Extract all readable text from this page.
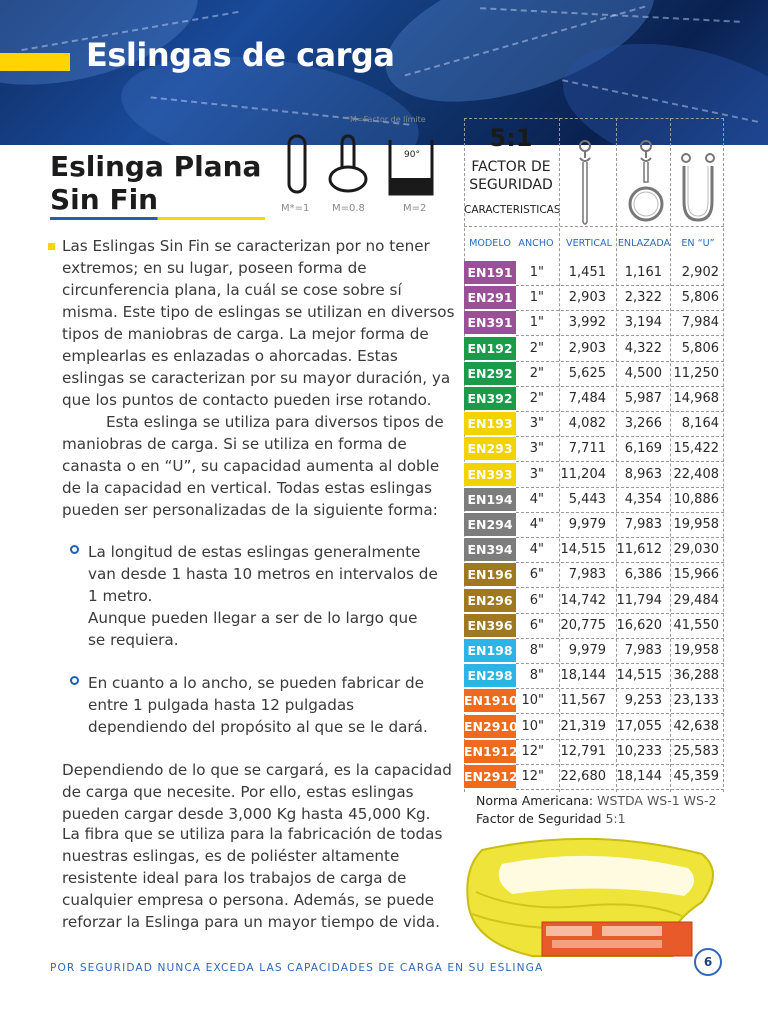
Eslingas de carga
Eslinga Plana
Sin Fin
*M=Factor de límite
90°
M*=1 M=0.8	M=2
Las Eslingas Sin Fin se caracterizan por no tener extremos; en su lugar, poseen forma de circunferencia plana, la cuál se cose sobre sí misma. Este tipo de eslingas se utilizan en diversos tipos de maniobras de carga. La mejor forma de emplearlas es enlazadas o ahorcadas. Estas eslingas se caracterizan por su mayor duración, ya que los puntos de contacto pueden irse rotando.
Esta eslinga se utiliza para diversos tipos de maniobras de carga. Si se utiliza en forma de canasta o en “U”, su capacidad aumenta al doble de la capacidad en vertical. Todas estas eslingas pueden ser personalizadas de la siguiente forma:
La longitud de estas eslingas generalmente van desde 1 hasta 10 metros en intervalos de 1 metro.
Aunque pueden llegar a ser de lo largo que se requiera.
En cuanto a lo ancho, se pueden fabricar de entre 1 pulgada hasta 12 pulgadas dependiendo del propósito al que se le dará.
Dependiendo de lo que se cargará, es la capacidad de carga que necesite. Por ello, estas eslingas pueden cargar desde 3,000 Kg hasta 45,000 Kg.
La fibra que se utiliza para la fabricación de todas nuestras eslingas, es de poliéster altamente resistente ideal para los trabajos de carga de cualquier empresa o persona. Además, se puede reforzar la Eslinga para un mayor tiempo de vida.
POR SEGURIDAD NUNCA EXCEDA LAS CAPACIDADES DE CARGA EN SU ESLINGA	6
5:1
FACTOR DE
SEGURIDAD
CARACTERISTICAS
MODELO ANCHO	VERTICAL ENLAZADA	EN “U”
EN191	1"	1,451	1,161	2,902
EN291	1"	2,903	2,322	5,806
EN391	1"	3,992	3,194	7,984
EN192	2"	2,903	4,322	5,806
EN292	2"	5,625	4,500 11,250
EN392	2"	7,484	5,987 14,968
EN193	3"	4,082	3,266	8,164
EN293	3"	7,711	6,169 15,422
EN393	3" 11,204	8,963 22,408
EN194	4"	5,443	4,354 10,886
EN294	4"	9,979	7,983 19,958
EN394	4" 14,515 11,612 29,030
EN196	6"	7,983	6,386 15,966
EN296	6" 14,742 11,794 29,484
EN396	6" 20,775 16,620 41,550
EN198	8"	9,979	7,983 19,958
EN298	8" 18,144 14,515 36,288
EN1910 10" 11,567	9,253 23,133
EN2910 10" 21,319 17,055 42,638
EN1912 12" 12,791 10,233 25,583
EN2912 12" 22,680 18,144 45,359
Norma Americana: WSTDA WS-1 WS-2
Factor de Seguridad 5:1
